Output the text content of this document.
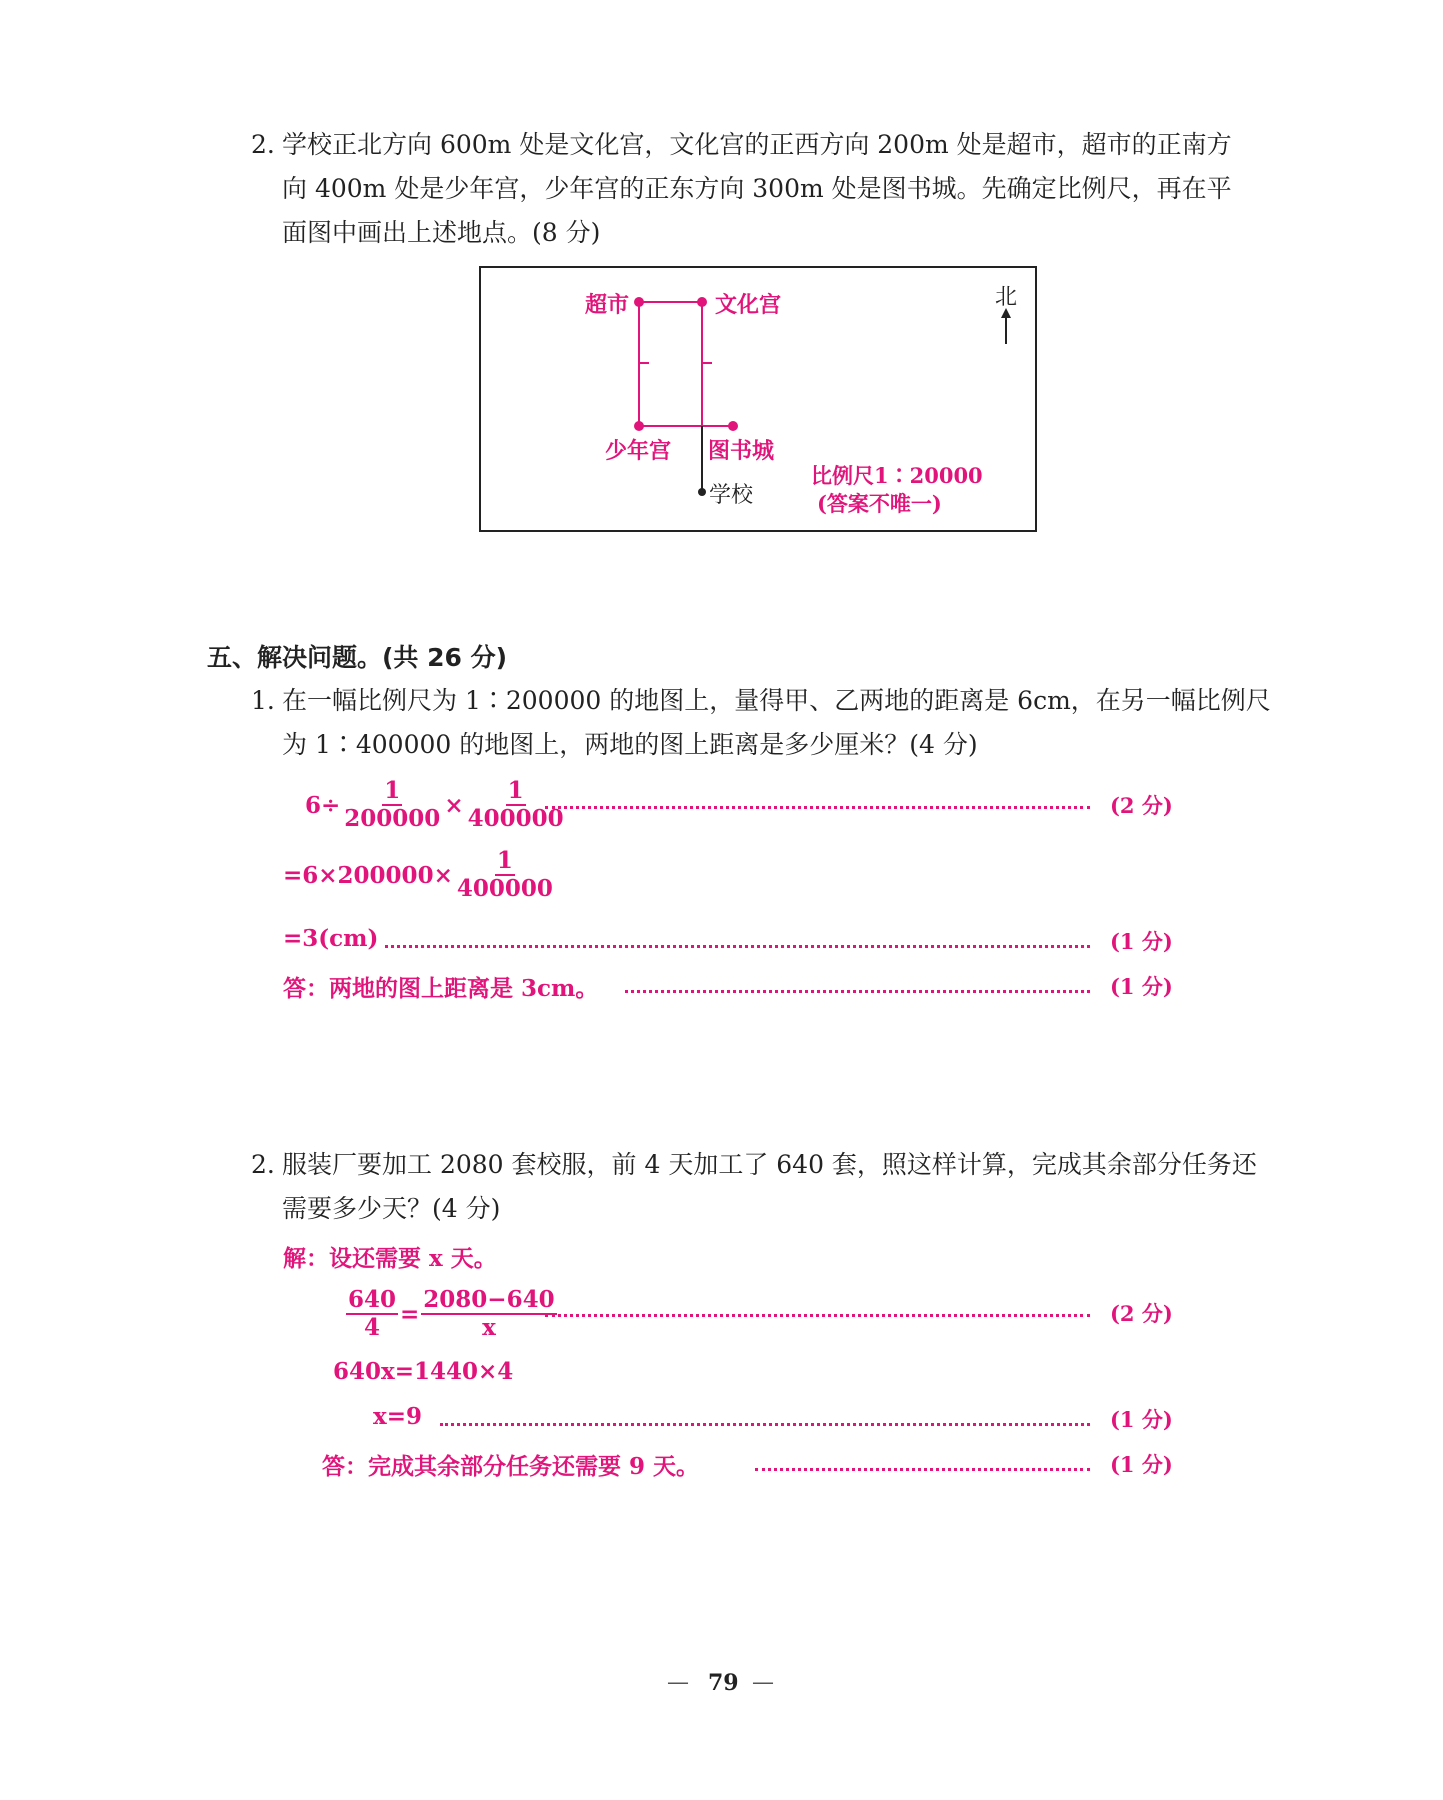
2. 学校正北方向 600m 处是文化宫，文化宫的正西方向 200m 处是超市，超市的正南方
向 400m 处是少年宫，少年宫的正东方向 300m 处是图书城。先确定比例尺，再在平
面图中画出上述地点。(8 分)
超市	文化宫
少年宫 图书城
学校
北
比例尺1∶20000
(答案不唯一)
五、解决问题。(共 26 分)
1. 在一幅比例尺为 1∶200000 的地图上，量得甲、乙两地的距离是 6cm，在另一幅比例尺
为 1∶400000 的地图上，两地的图上距离是多少厘米？(4 分)
$6\div \frac{1}{200000} \times \frac{1}{400000}$	(2 分)
$=6\times 200000\times \frac{1}{400000}$
=3(cm)	(1 分)
答：两地的图上距离是 3cm。	(1 分)
2. 服装厂要加工 2080 套校服，前 4 天加工了 640 套，照这样计算，完成其余部分任务还
需要多少天？(4 分)
解：设还需要 x 天。
$\frac{640}{4} = \frac{2080-640}{x}$	(2 分)
640x=1440×4
x=9	(1 分)
答：完成其余部分任务还需要 9 天。	(1 分)
— 79 —
